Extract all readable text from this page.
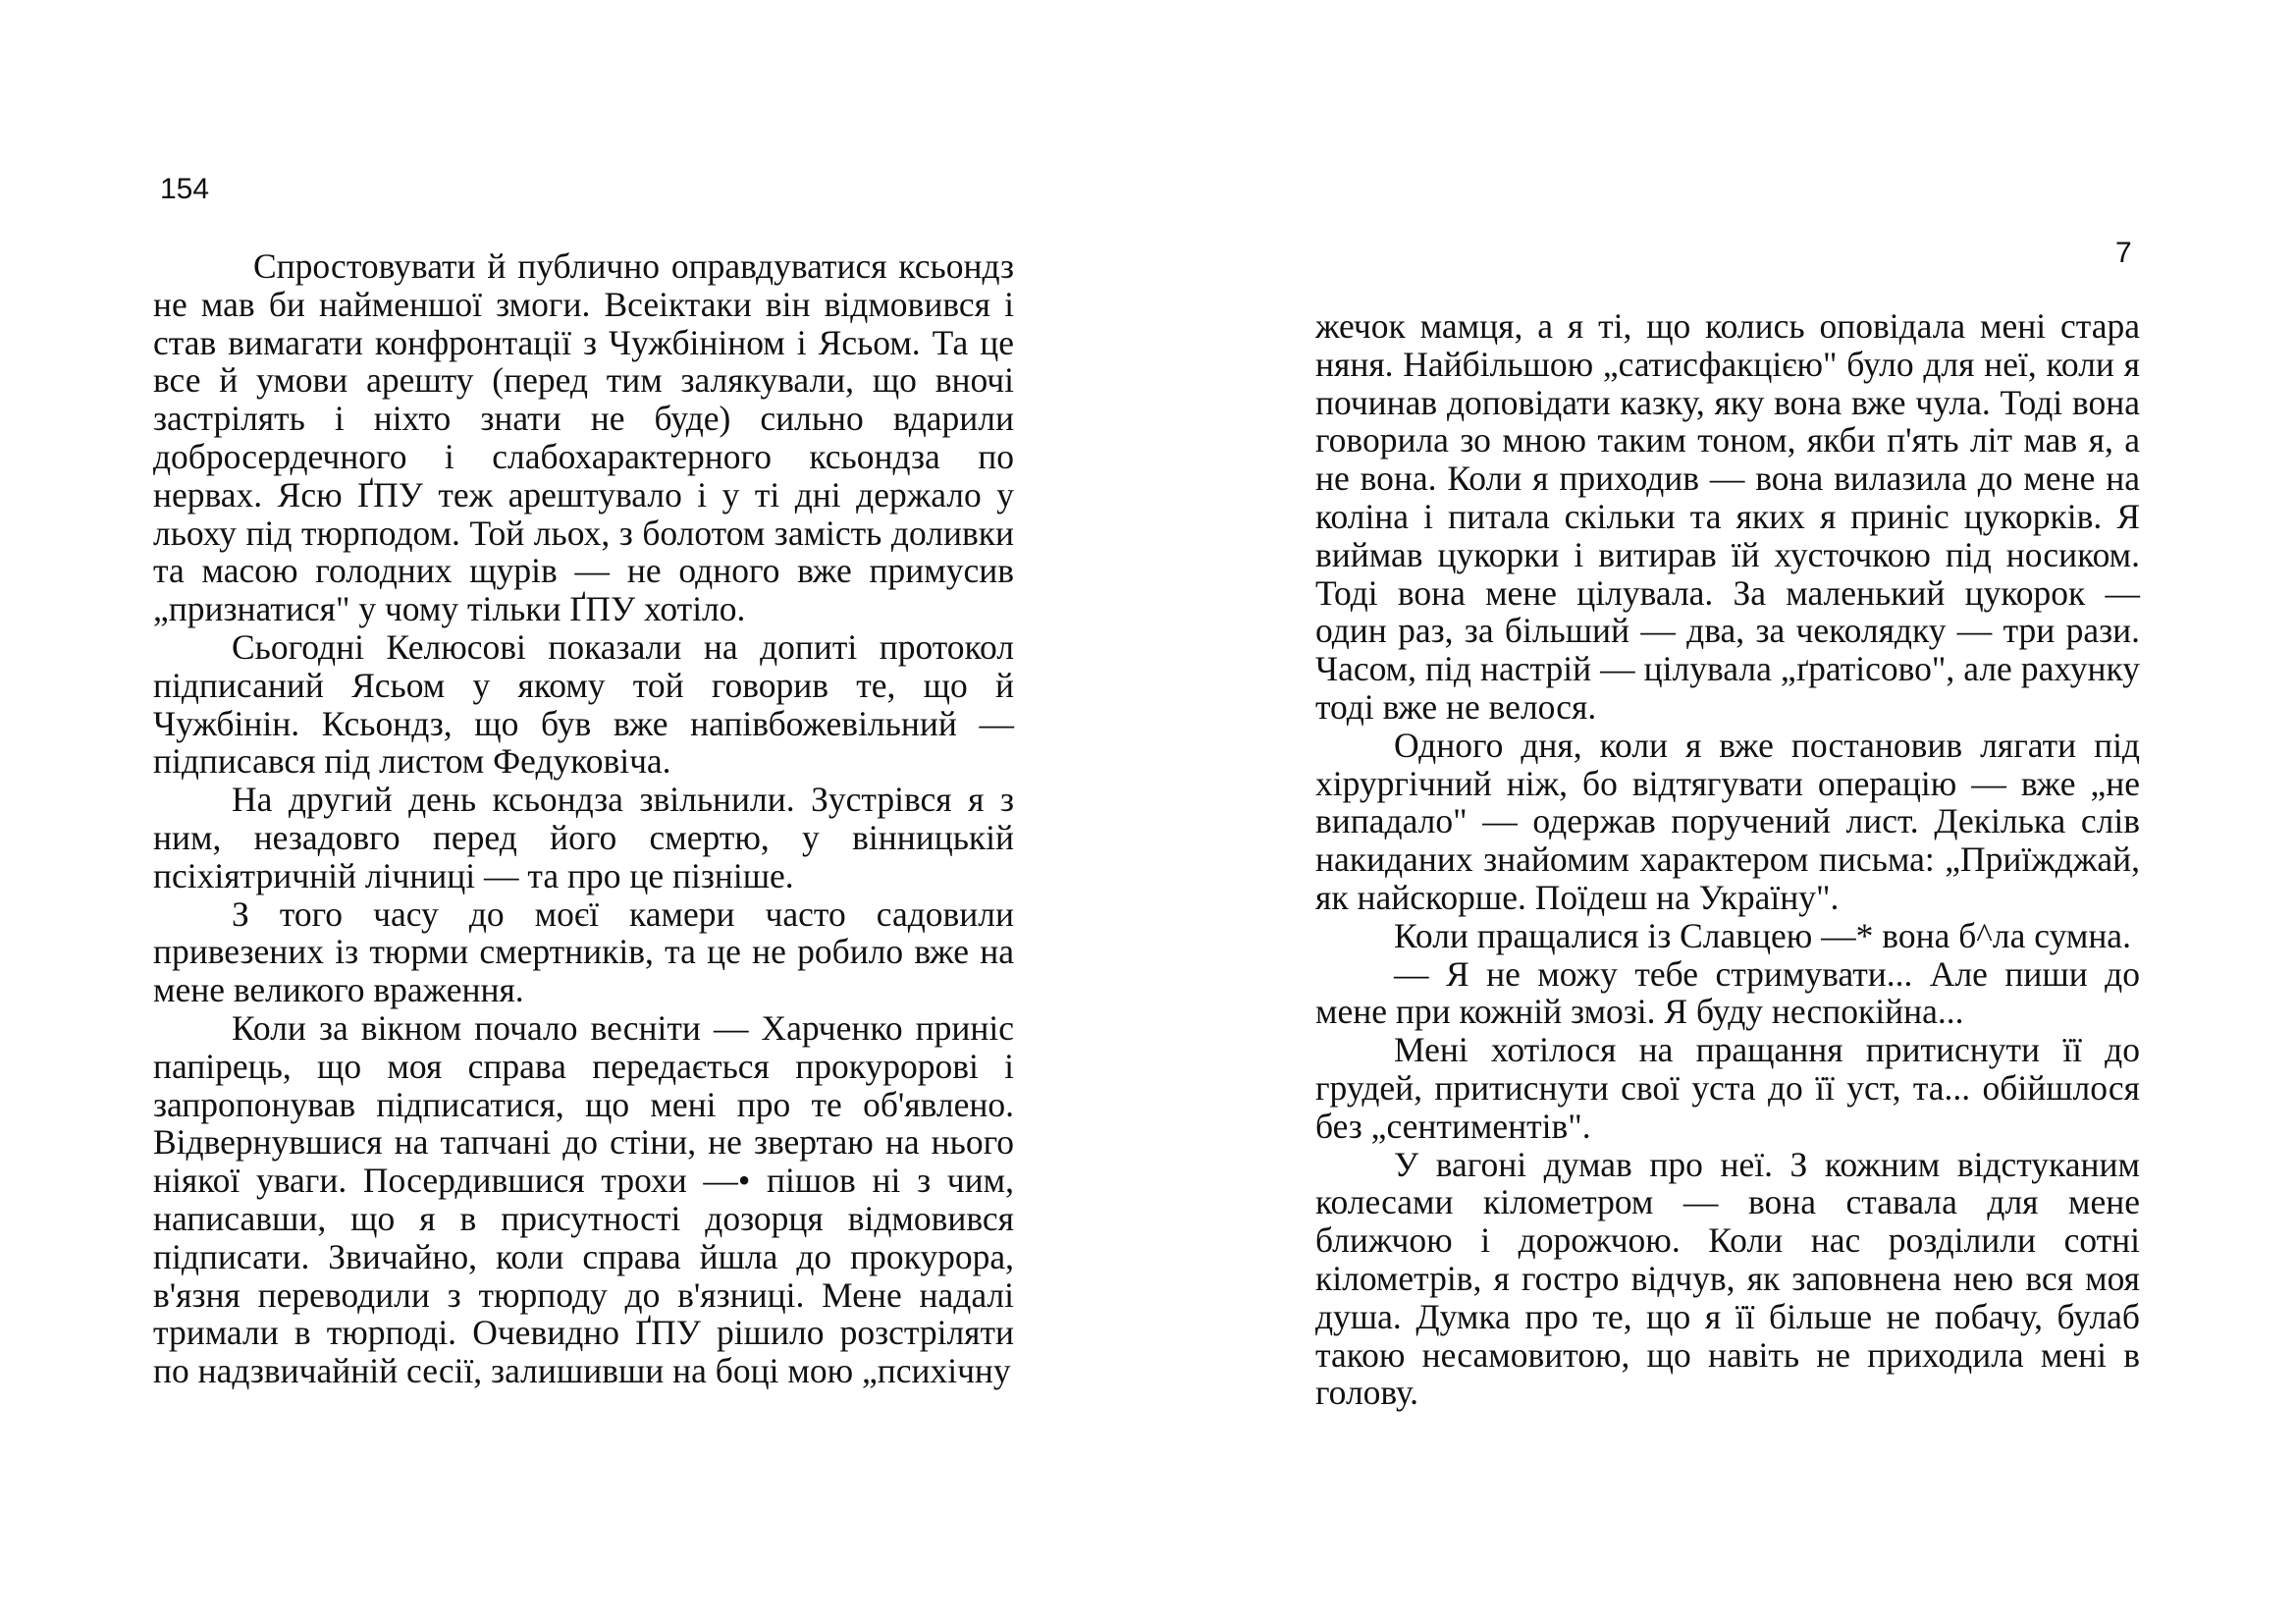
154

Спростовувати й публично оправдуватися ксьондз не мав би найменшої змоги. Всеіктаки він відмовився і став вимагати конфронтації з Чужбініном і Ясьом. Та це все й умови арешту (перед тим залякували, що вночі застрілять і ніхто знати не буде) сильно вдарили добросердечного і слабохарактерного ксьондза по нервах. Ясю ҐПУ теж арештувало і у ті дні держало у льоху під тюрподом. Той льох, з болотом замість доливки та масою голодних щурів — не одного вже примусив „признатися" у чому тільки ҐПУ хотіло.

Сьогодні Келюсові показали на допиті протокол підписаний Ясьом у якому той говорив те, що й Чужбінін. Ксьондз, що був вже напівбожевільний — підписався під листом Федуковіча.

На другий день ксьондза звільнили. Зустрівся я з ним, незадовго перед його смертю, у вінницькій псіхіятричній лічниці — та про це пізніше.

З того часу до моєї камери часто садовили привезених із тюрми смертників, та це не робило вже на мене великого враження.

Коли за вікном почало весніти — Харченко приніс папірець, що моя справа передається прокуророві і запропонував підписатися, що мені про те об'явлено. Відвернувшися на тапчані до стіни, не звертаю на нього ніякої уваги. Посердившися трохи —• пішов ні з чим, написавши, що я в присутності дозорця відмовився підписати. Звичайно, коли справа йшла до прокурора, в'язня переводили з тюрподу до в'язниці. Мене надалі тримали в тюрподі. Очевидно ҐПУ рішило розстріляти по надзвичайній сесії, залишивши на боці мою „психічну

7

жечок мамця, а я ті, що колись оповідала мені стара няня. Найбільшою „сатисфакцією" було для неї, коли я починав доповідати казку, яку вона вже чула. Тоді вона говорила зо мною таким тоном, якби п'ять літ мав я, а не вона. Коли я приходив — вона вилазила до мене на коліна і питала скільки та яких я приніс цукорків. Я виймав цукорки і витирав їй хусточкою під носиком. Тоді вона мене цілувала. За маленький цукорок — один раз, за більший — два, за чеколядку — три рази. Часом, під настрій — цілувала „ґратісово", але рахунку тоді вже не велося.

Одного дня, коли я вже постановив лягати під хірургічний ніж, бо відтягувати операцію — вже „не випадало" — одержав поручений лист. Декілька слів накиданих знайомим характером письма: „Приїжджай, як найскорше. Поїдеш на Україну".

Коли пращалися із Славцею —* вона б^ла сумна.

— Я не можу тебе стримувати... Але пиши до мене при кожній змозі. Я буду неспокійна...

Мені хотілося на пращання притиснути її до грудей, притиснути свої уста до її уст, та... обійшлося без „сентиментів".

У вагоні думав про неї. З кожним відстуканим колесами кілометром — вона ставала для мене ближчою і дорожчою. Коли нас розділили сотні кілометрів, я гостро відчув, як заповнена нею вся моя душа. Думка про те, що я її більше не побачу, булаб такою несамовитою, що навіть не приходила мені в голову.
